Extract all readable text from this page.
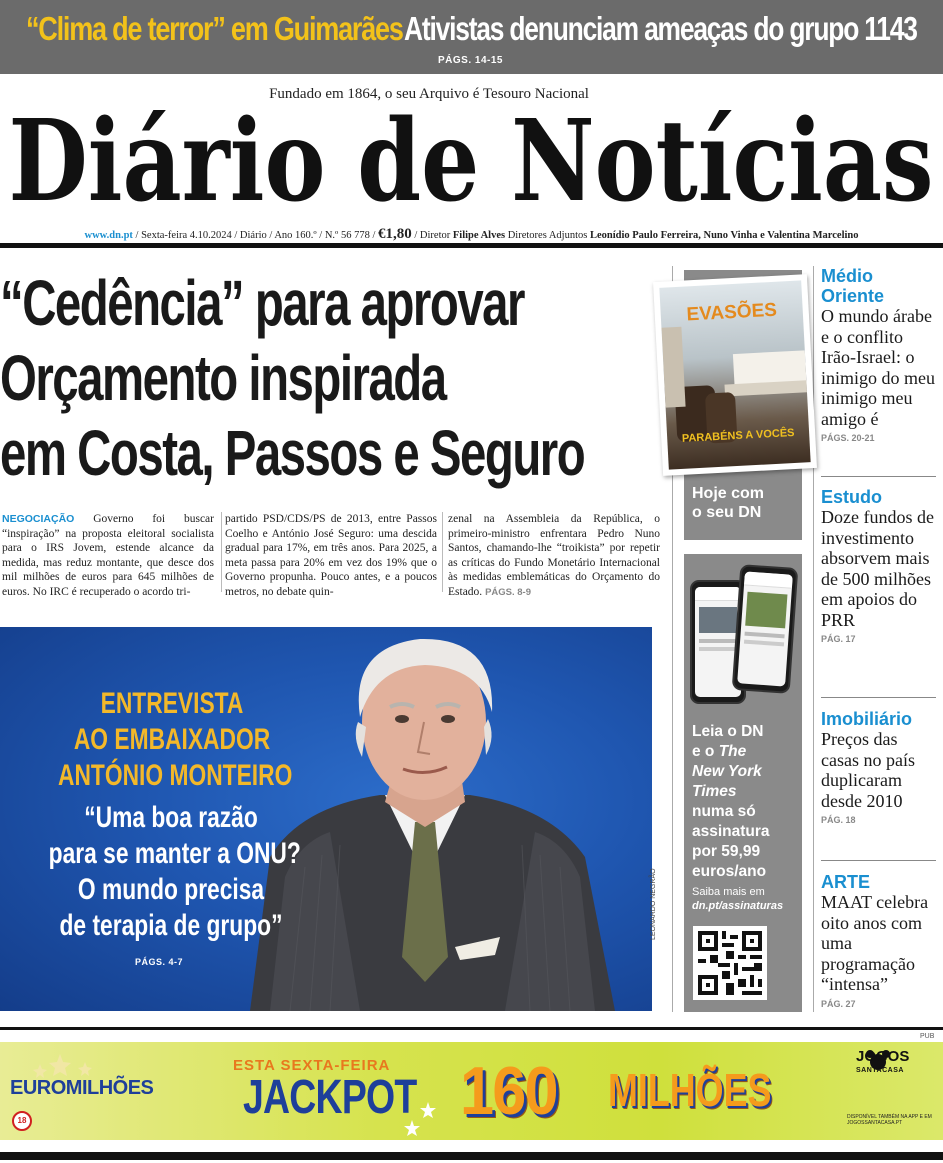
“Clima de terror” em Guimarães Ativistas denunciam ameaças do grupo 1143
PÁGS. 14-15
Fundado em 1864, o seu Arquivo é Tesouro Nacional
Diário de Notícias
www.dn.pt / Sexta-feira 4.10.2024 / Diário / Ano 160.º / N.º 56 778 / €1,80 / Diretor Filipe Alves Diretores Adjuntos Leonídio Paulo Ferreira, Nuno Vinha e Valentina Marcelino
“Cedência” para aprovar
Orçamento inspirada
em Costa, Passos e Seguro
NEGOCIAÇÃO Governo foi buscar “inspiração” na proposta eleitoral socialista para o IRS Jovem, estende alcance da medida, mas reduz montante, que desce dos mil milhões de euros para 645 milhões de euros. No IRC é recuperado o acordo tri-
partido PSD/CDS/PS de 2013, entre Passos Coelho e António José Seguro: uma descida gradual para 17%, em três anos. Para 2025, a meta passa para 20% em vez dos 19% que o Governo propunha. Pouco antes, e a poucos metros, no debate quin-
zenal na Assembleia da República, o primeiro-ministro enfrentara Pedro Nuno Santos, chamando-lhe “troikista” por repetir as críticas do Fundo Monetário Internacional às medidas emblemáticas do Orçamento do Estado. PÁGS. 8-9
ENTREVISTA
AO EMBAIXADOR
ANTÓNIO MONTEIRO
“Uma boa razão
para se manter a ONU?
O mundo precisa
de terapia de grupo”
PÁGS. 4-7
LEONARDO NEGRÃO
EVASÕES
PARABÉNS A VOCÊS
Hoje com
o seu DN
Leia o DN
e o The
New York
Times
numa só
assinatura
por 59,99
euros/ano
Saiba mais em
dn.pt/assinaturas
Médio Oriente
O mundo árabe e o conflito Irão-Israel: o inimigo do meu inimigo meu amigo é
PÁGS. 20-21
Estudo
Doze fundos de investimento absorvem mais de 500 milhões em apoios do PRR
PÁG. 17
Imobiliário
Preços das casas no país duplicaram desde 2010
PÁG. 18
ARTE
MAAT celebra oito anos com uma programação “intensa”
PÁG. 27
PUB
EUROMILHÕES
18
ESTA SEXTA-FEIRA
JACKPOT 160 MILHÕES
JOGOS
SANTACASA
DISPONÍVEL TAMBÉM NA APP E EM JOGOSSANTACASA.PT
